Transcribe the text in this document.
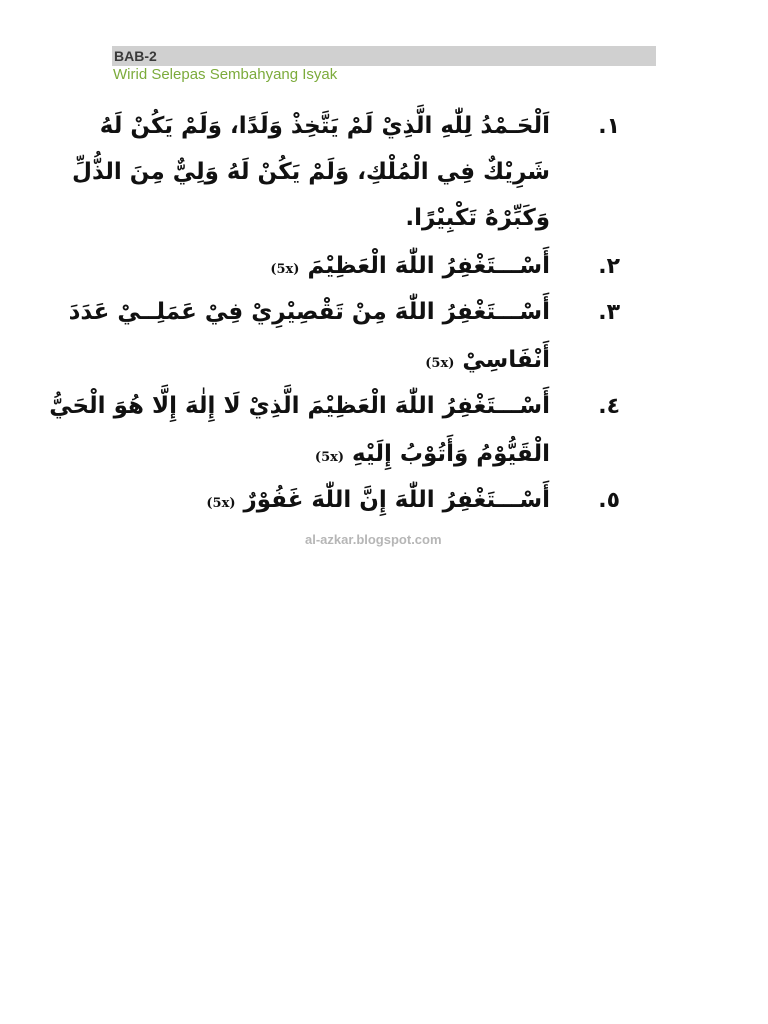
BAB-2
Wirid Selepas Sembahyang Isyak
١.
اَلْحَـمْدُ لِلّٰهِ الَّذِيْ لَمْ يَتَّخِذْ وَلَدًا، وَلَمْ يَكُنْ لَهُ
شَرِيْكٌ فِي الْمُلْكِ، وَلَمْ يَكُنْ لَهُ وَلِيٌّ مِنَ الذُّلِّ
وَكَبِّرْهُ تَكْبِيْرًا.
٢.
أَسْـــتَغْفِرُ اللّٰهَ الْعَظِيْمَ(5x)
٣.
أَسْـــتَغْفِرُ اللّٰهَ مِنْ تَقْصِيْرِيْ فِيْ عَمَلِــيْ عَدَدَ
أَنْفَاسِيْ(5x)
٤.
أَسْـــتَغْفِرُ اللّٰهَ الْعَظِيْمَ الَّذِيْ لَا إِلٰهَ إِلَّا هُوَ الْحَيُّ
الْقَيُّوْمُ وَأَتُوْبُ إِلَيْهِ(5x)
٥.
أَسْـــتَغْفِرُ اللّٰهَ إِنَّ اللّٰهَ غَفُوْرٌ(5x)
al-azkar.blogspot.com
